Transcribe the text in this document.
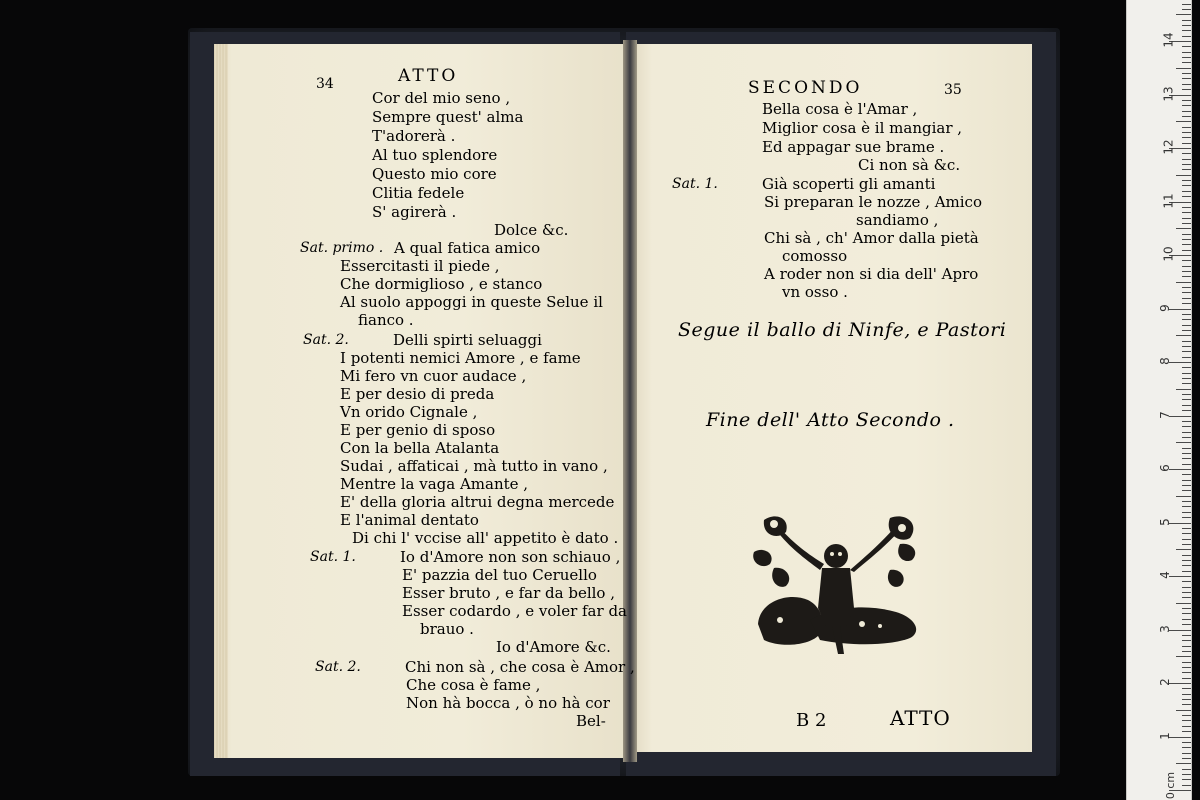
34	ATTO
Cor del mio seno ,
Sempre quest' alma
T'adorerà .
Al tuo splendore
Questo mio core
Clitia fedele
S' agirerà .
Dolce &c.
Sat. primo . A qual fatica amico
Essercitasti il piede ,
Che dormiglioso , e stanco
Al suolo appoggi in queste Selue il
fianco .
Sat. 2.	Delli spirti seluaggi
I potenti nemici Amore , e fame
Mi fero vn cuor audace ,
E per desio di preda
Vn orido Cignale ,
E per genio di sposo
Con la bella Atalanta
Sudai , affaticai , mà tutto in vano ,
Mentre la vaga Amante ,
E' della gloria altrui degna mercede
E l'animal dentato
Di chi l' vccise all' appetito è dato .
Sat. 1.	Io d'Amore non son schiauo ,
E' pazzia del tuo Ceruello
Esser bruto , e far da bello ,
Esser codardo , e voler far da
brauo .
Io d'Amore &c.
Sat. 2.	Chi non sà , che cosa è Amor ,
Che cosa è fame ,
Non hà bocca , ò no hà cor
Bel-
SECONDO	35
Bella cosa è l'Amar ,
Miglior cosa è il mangiar ,
Ed appagar sue brame .
Ci non sà &c.
Sat. 1.	Già scoperti gli amanti
Si preparan le nozze , Amico
sandiamo ,
Chi sà , ch' Amor dalla pietà
comosso
A roder non si dia dell' Apro
vn osso .
Segue il ballo di Ninfe, e Pastori
Fine dell' Atto Secondo .
B 2	ATTO
14
13
12
11
10
9
8
7
6
5
4
3
2
1
0 cm
